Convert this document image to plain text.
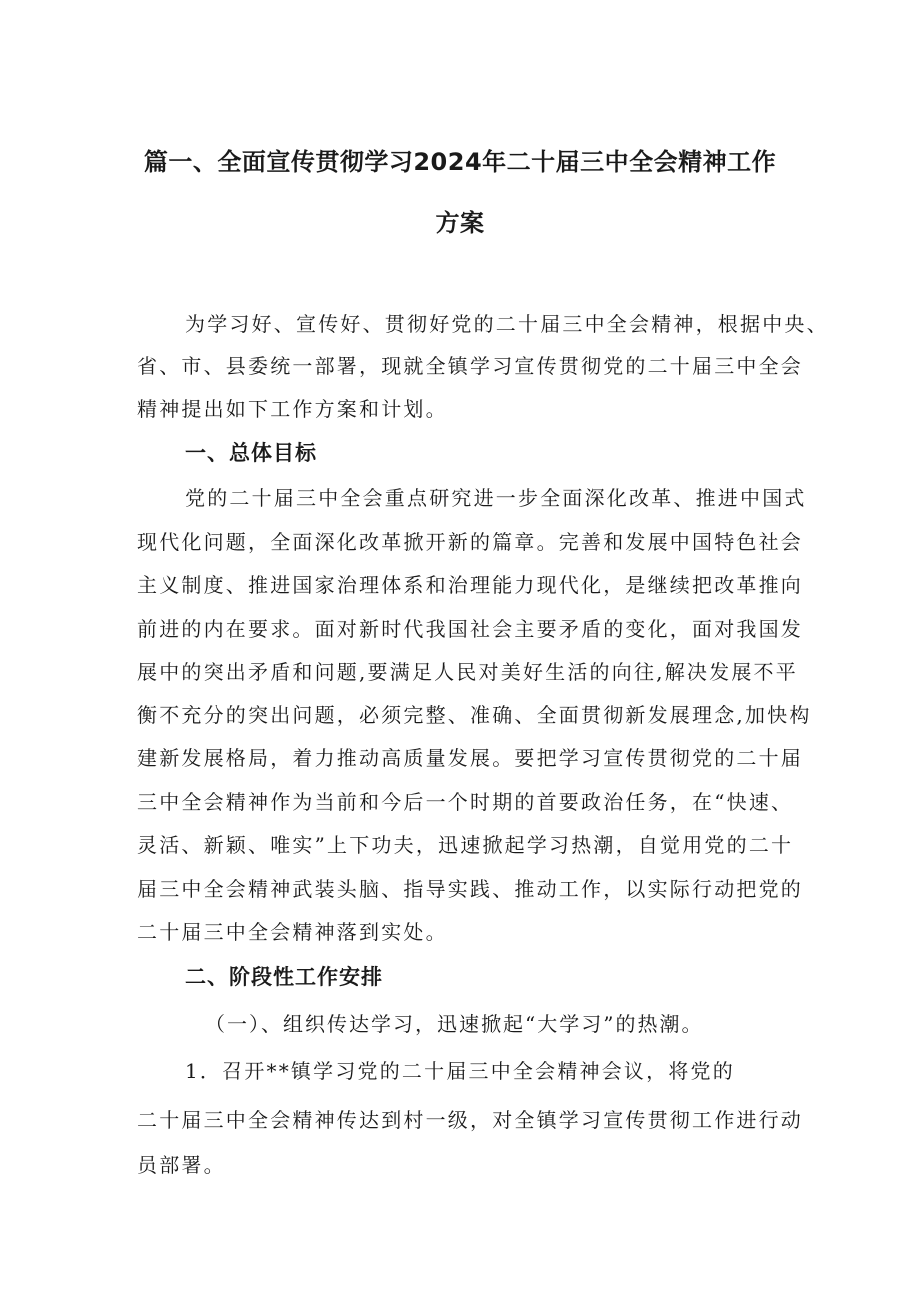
篇一、全面宣传贯彻学习2024年二十届三中全会精神工作
方案

为学习好、宣传好、贯彻好党的二十届三中全会精神，根据中央、

省、市、县委统一部署，现就全镇学习宣传贯彻党的二十届三中全会

精神提出如下工作方案和计划。

一、总体目标

党的二十届三中全会重点研究进一步全面深化改革、推进中国式

现代化问题，全面深化改革掀开新的篇章。完善和发展中国特色社会

主义制度、推进国家治理体系和治理能力现代化，是继续把改革推向

前进的内在要求。面对新时代我国社会主要矛盾的变化，面对我国发

展中的突出矛盾和问题,要满足人民对美好生活的向往,解决发展不平

衡不充分的突出问题，必须完整、准确、全面贯彻新发展理念,加快构

建新发展格局，着力推动高质量发展。要把学习宣传贯彻党的二十届

三中全会精神作为当前和今后一个时期的首要政治任务，在“快速、

灵活、新颖、唯实”上下功夫，迅速掀起学习热潮，自觉用党的二十

届三中全会精神武装头脑、指导实践、推动工作，以实际行动把党的

二十届三中全会精神落到实处。

二、阶段性工作安排

（一）、组织传达学习，迅速掀起“大学习”的热潮。

1．召开**镇学习党的二十届三中全会精神会议，将党的

二十届三中全会精神传达到村一级，对全镇学习宣传贯彻工作进行动

员部署。
